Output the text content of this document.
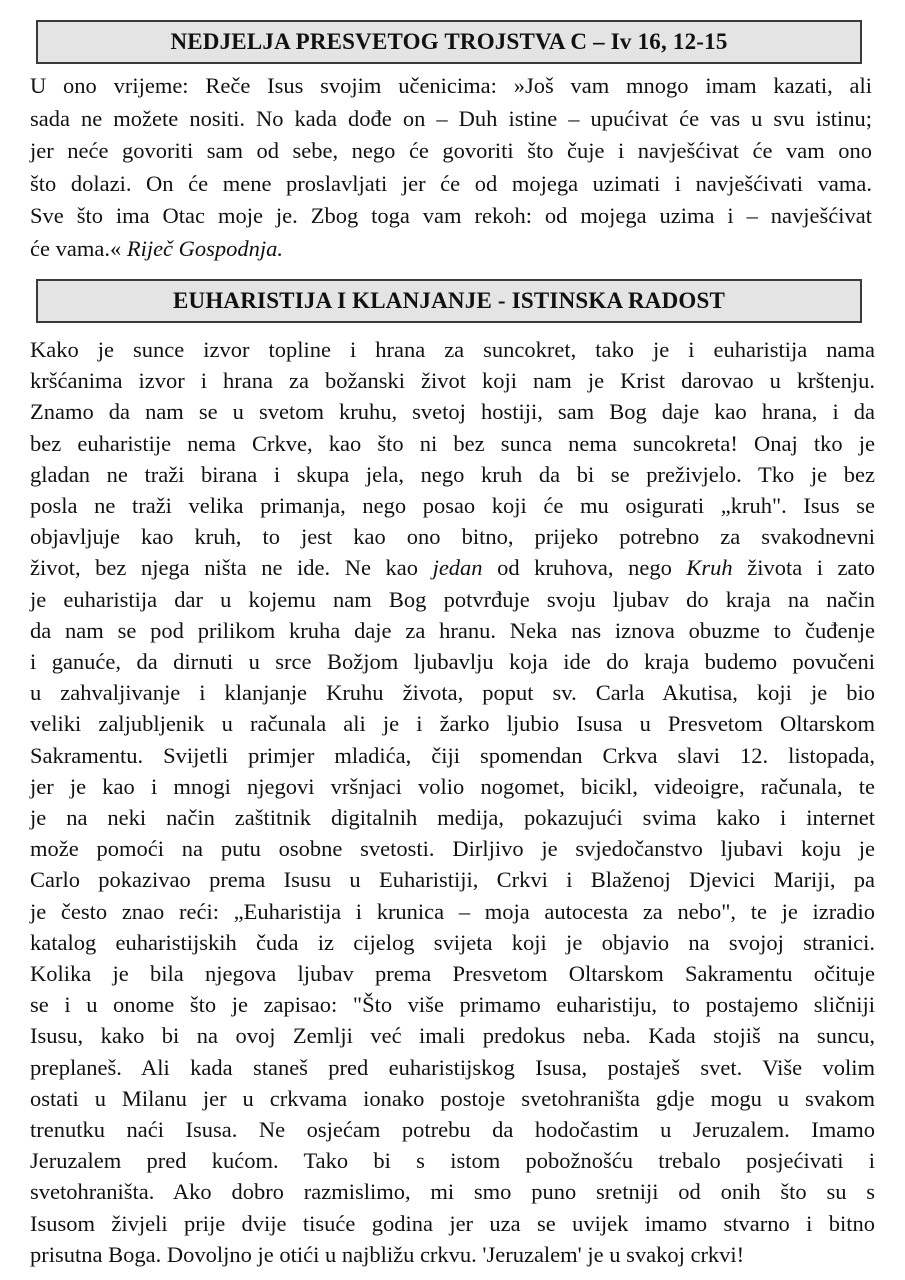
NEDJELJA PRESVETOG TROJSTVA C – Iv 16, 12-15
U ono vrijeme: Reče Isus svojim učenicima: »Još vam mnogo imam kazati, ali
sada ne možete nositi. No kada dođe on – Duh istine – upućivat će vas u svu istinu;
jer neće govoriti sam od sebe, nego će govoriti što čuje i navješćivat će vam ono
što dolazi. On će mene proslavljati jer će od mojega uzimati i navješćivati vama.
Sve što ima Otac moje je. Zbog toga vam rekoh: od mojega uzima i – navješćivat
će vama.« Riječ Gospodnja.
EUHARISTIJA I KLANJANJE - ISTINSKA RADOST
Kako je sunce izvor topline i hrana za suncokret, tako je i euharistija nama
kršćanima izvor i hrana za božanski život koji nam je Krist darovao u krštenju.
Znamo da nam se u svetom kruhu, svetoj hostiji, sam Bog daje kao hrana, i da
bez euharistije nema Crkve, kao što ni bez sunca nema suncokreta! Onaj tko je
gladan ne traži birana i skupa jela, nego kruh da bi se preživjelo. Tko je bez
posla ne traži velika primanja, nego posao koji će mu osigurati „kruh". Isus se
objavljuje kao kruh, to jest kao ono bitno, prijeko potrebno za svakodnevni
život, bez njega ništa ne ide. Ne kao jedan od kruhova, nego Kruh života i zato
je euharistija dar u kojemu nam Bog potvrđuje svoju ljubav do kraja na način
da nam se pod prilikom kruha daje za hranu. Neka nas iznova obuzme to čuđenje
i ganuće, da dirnuti u srce Božjom ljubavlju koja ide do kraja budemo povučeni
u zahvaljivanje i klanjanje Kruhu života, poput sv. Carla Akutisa, koji je bio
veliki zaljubljenik u računala ali je i žarko ljubio Isusa u Presvetom Oltarskom
Sakramentu. Svijetli primjer mladića, čiji spomendan Crkva slavi 12. listopada,
jer je kao i mnogi njegovi vršnjaci volio nogomet, bicikl, videoigre, računala, te
je na neki način zaštitnik digitalnih medija, pokazujući svima kako i internet
može pomoći na putu osobne svetosti. Dirljivo je svjedočanstvo ljubavi koju je
Carlo pokazivao prema Isusu u Euharistiji, Crkvi i Blaženoj Djevici Mariji, pa
je često znao reći: „Euharistija i krunica – moja autocesta za nebo", te je izradio
katalog euharistijskih čuda iz cijelog svijeta koji je objavio na svojoj stranici.
Kolika je bila njegova ljubav prema Presvetom Oltarskom Sakramentu očituje
se i u onome što je zapisao: "Što više primamo euharistiju, to postajemo sličniji
Isusu, kako bi na ovoj Zemlji već imali predokus neba. Kada stojiš na suncu,
preplaneš. Ali kada staneš pred euharistijskog Isusa, postaješ svet. Više volim
ostati u Milanu jer u crkvama ionako postoje svetohraništa gdje mogu u svakom
trenutku naći Isusa. Ne osjećam potrebu da hodočastim u Jeruzalem. Imamo
Jeruzalem pred kućom. Tako bi s istom pobožnošću trebalo posjećivati i
svetohraništa. Ako dobro razmislimo, mi smo puno sretniji od onih što su s
Isusom živjeli prije dvije tisuće godina jer uza se uvijek imamo stvarno i bitno
prisutna Boga. Dovoljno je otići u najbližu crkvu. 'Jeruzalem' je u svakoj crkvi!
